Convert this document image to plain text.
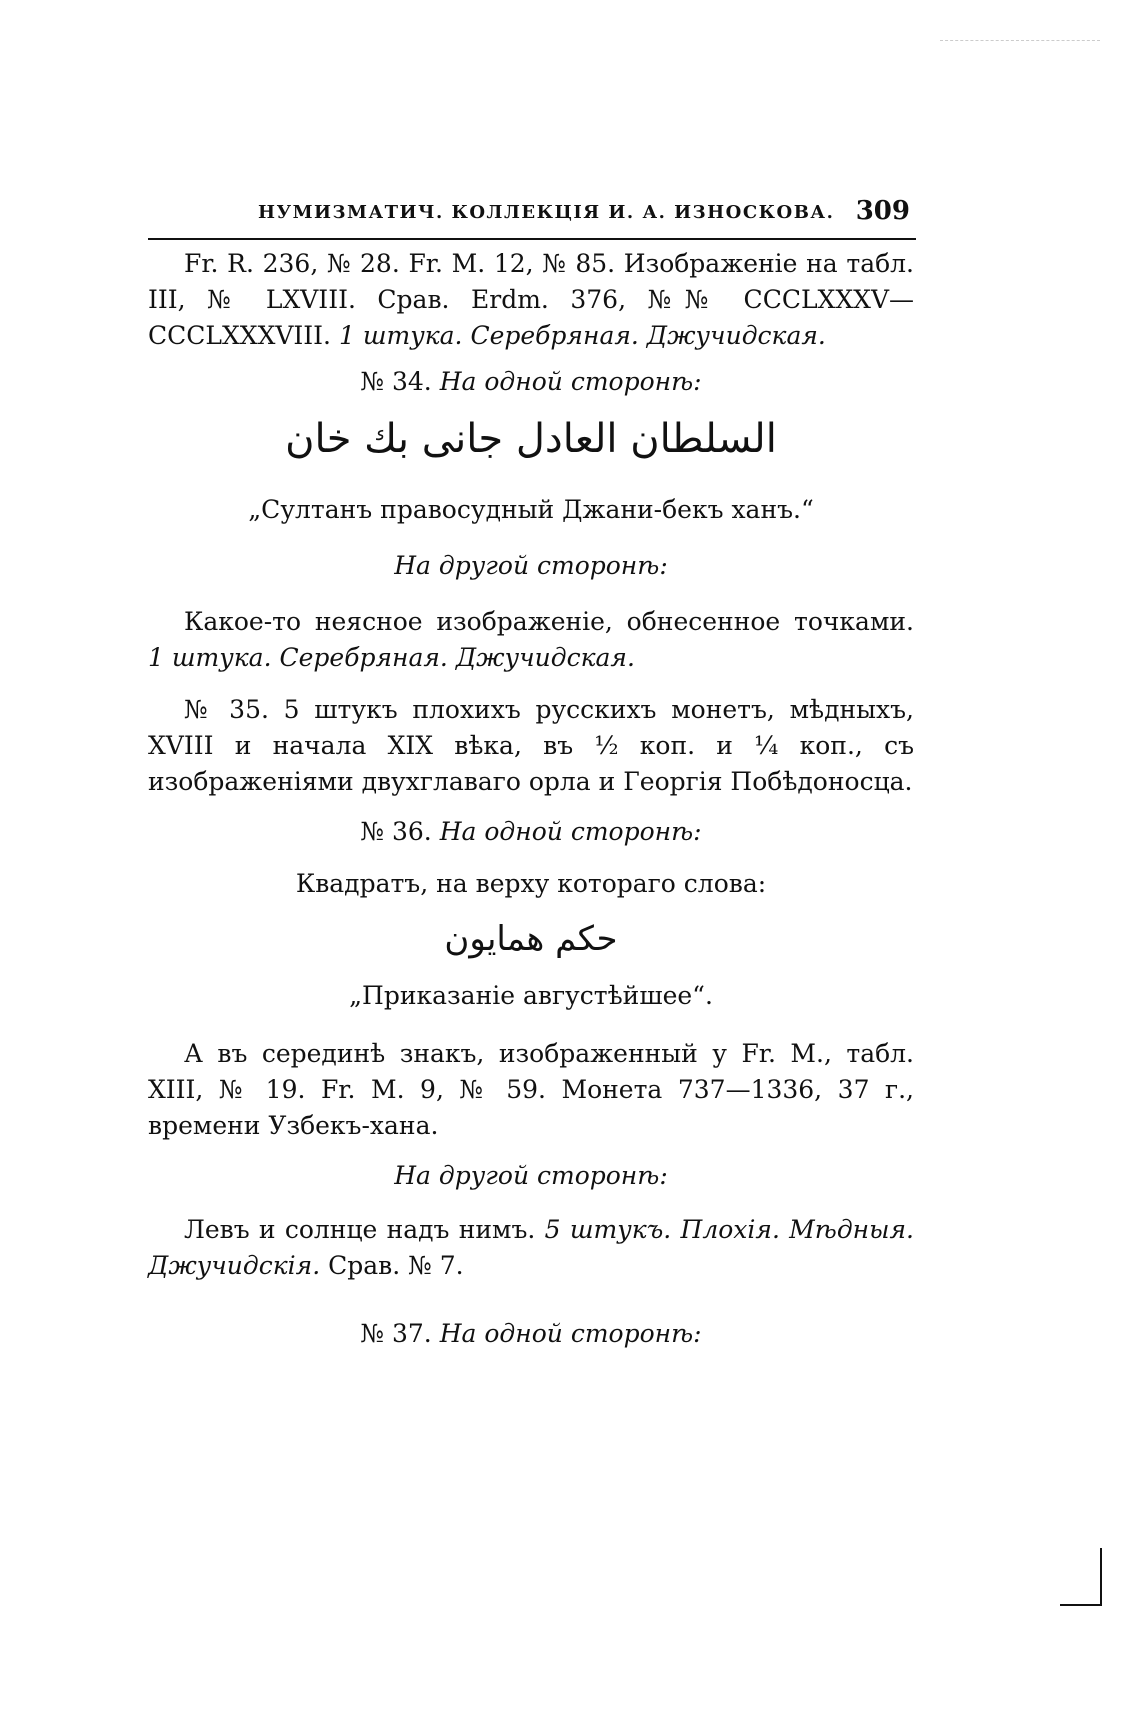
НУМИЗМАТИЧ. КОЛЛЕКЦІЯ И. А. ИЗНОСКОВА. 309

Fr. R. 236, № 28. Fr. M. 12, № 85. Изображеніе на табл. III, № LXVIII. Срав. Erdm. 376, №№ CCCLXXXV—CCCLXXXVIII. 1 штука. Серебряная. Джучидская.

№ 34. На одной сторонѣ:

السلطان العادل جانى بك خان

„Султанъ правосудный Джани-бекъ ханъ.“

На другой сторонѣ:

Какое-то неясное изображеніе, обнесенное точками. 1 штука. Серебряная. Джучидская.

№ 35. 5 штукъ плохихъ русскихъ монетъ, мѣдныхъ, XVIII и начала XIX вѣка, въ ½ коп. и ¼ коп., съ изображеніями двухглаваго орла и Георгія Побѣдоносца.

№ 36. На одной сторонѣ:

Квадратъ, на верху котораго слова:

حكم همايون

„Приказаніе августѣйшее“.

А въ серединѣ знакъ, изображенный у Fr. M., табл. XIII, № 19. Fr. M. 9, № 59. Монета 737—1336, 37 г., времени Узбекъ-хана.

На другой сторонѣ:

Левъ и солнце надъ нимъ. 5 штукъ. Плохія. Мѣдныя. Джучидскія. Срав. № 7.

№ 37. На одной сторонѣ:
